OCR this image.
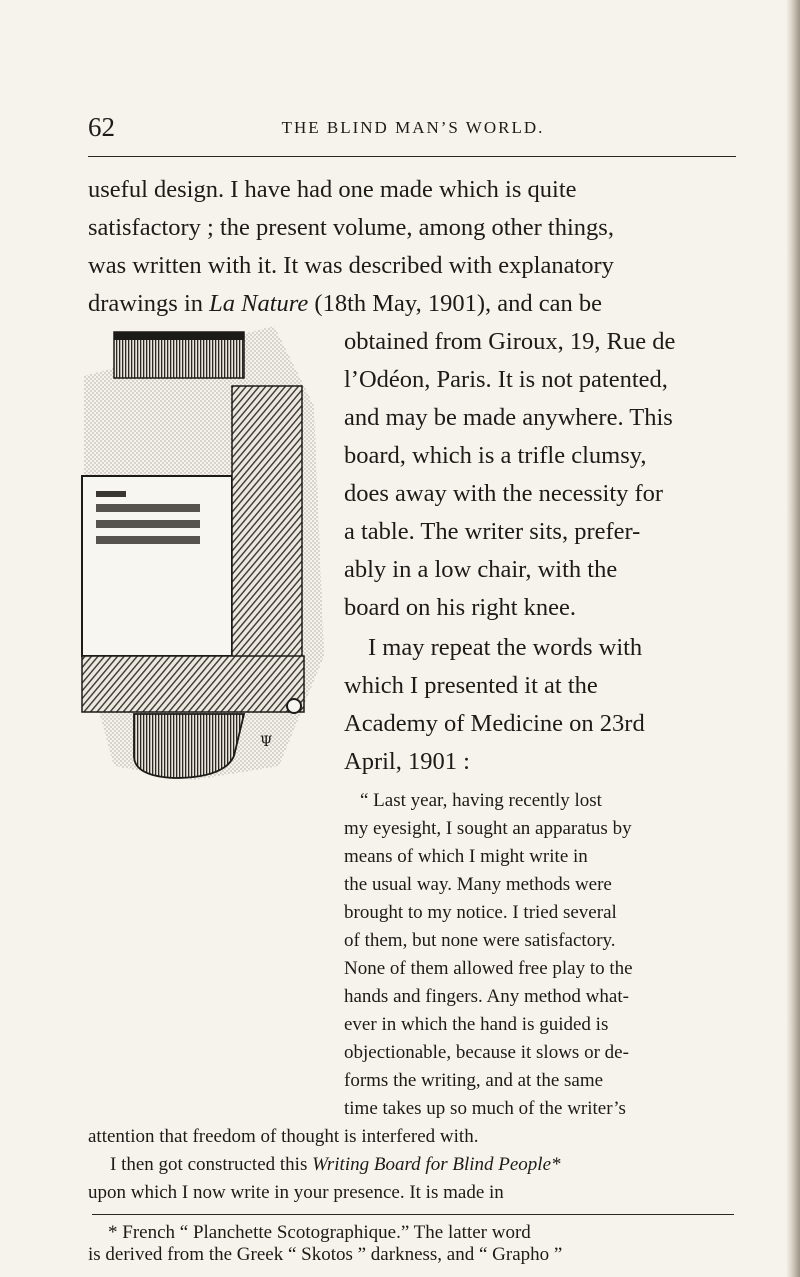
62	THE BLIND MAN’S WORLD.
useful design. I have had one made which is quite
satisfactory ; the present volume, among other things,
was written with it. It was described with explanatory
drawings in La Nature (18th May, 1901), and can be
Ψ
obtained from Giroux, 19, Rue de
l’Odéon, Paris. It is not patented,
and may be made anywhere. This
board, which is a trifle clumsy,
does away with the necessity for
a table. The writer sits, prefer-
ably in a low chair, with the
board on his right knee.
I may repeat the words with
which I presented it at the
Academy of Medicine on 23rd
April, 1901 :
“ Last year, having recently lost
my eyesight, I sought an apparatus by
means of which I might write in
the usual way. Many methods were
brought to my notice. I tried several
of them, but none were satisfactory.
None of them allowed free play to the
hands and fingers. Any method what-
ever in which the hand is guided is
objectionable, because it slows or de-
forms the writing, and at the same
time takes up so much of the writer’s
attention that freedom of thought is interfered with.
I then got constructed this Writing Board for Blind People*
upon which I now write in your presence. It is made in
* French “ Planchette Scotographique.” The latter word
is derived from the Greek “ Skotos ” darkness, and “ Grapho ”
